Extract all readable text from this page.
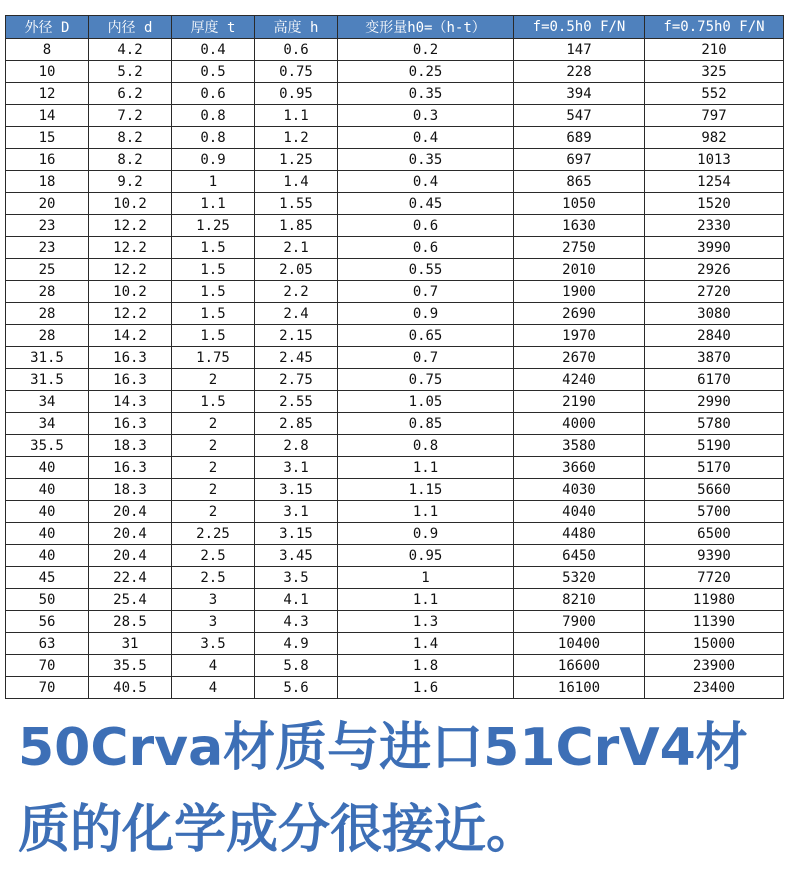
外径 D	内径 d	厚度 t	高度 h	变形量h0=（h-t）	f=0.5h0 F/N	f=0.75h0 F/N
8	4.2	0.4	0.6	0.2	147	210
10	5.2	0.5	0.75	0.25	228	325
12	6.2	0.6	0.95	0.35	394	552
14	7.2	0.8	1.1	0.3	547	797
15	8.2	0.8	1.2	0.4	689	982
16	8.2	0.9	1.25	0.35	697	1013
18	9.2	1	1.4	0.4	865	1254
20	10.2	1.1	1.55	0.45	1050	1520
23	12.2	1.25	1.85	0.6	1630	2330
23	12.2	1.5	2.1	0.6	2750	3990
25	12.2	1.5	2.05	0.55	2010	2926
28	10.2	1.5	2.2	0.7	1900	2720
28	12.2	1.5	2.4	0.9	2690	3080
28	14.2	1.5	2.15	0.65	1970	2840
31.5	16.3	1.75	2.45	0.7	2670	3870
31.5	16.3	2	2.75	0.75	4240	6170
34	14.3	1.5	2.55	1.05	2190	2990
34	16.3	2	2.85	0.85	4000	5780
35.5	18.3	2	2.8	0.8	3580	5190
40	16.3	2	3.1	1.1	3660	5170
40	18.3	2	3.15	1.15	4030	5660
40	20.4	2	3.1	1.1	4040	5700
40	20.4	2.25	3.15	0.9	4480	6500
40	20.4	2.5	3.45	0.95	6450	9390
45	22.4	2.5	3.5	1	5320	7720
50	25.4	3	4.1	1.1	8210	11980
56	28.5	3	4.3	1.3	7900	11390
63	31	3.5	4.9	1.4	10400	15000
70	35.5	4	5.8	1.8	16600	23900
70	40.5	4	5.6	1.6	16100	23400
50Crva材质与进口51CrV4材
质的化学成分很接近。
